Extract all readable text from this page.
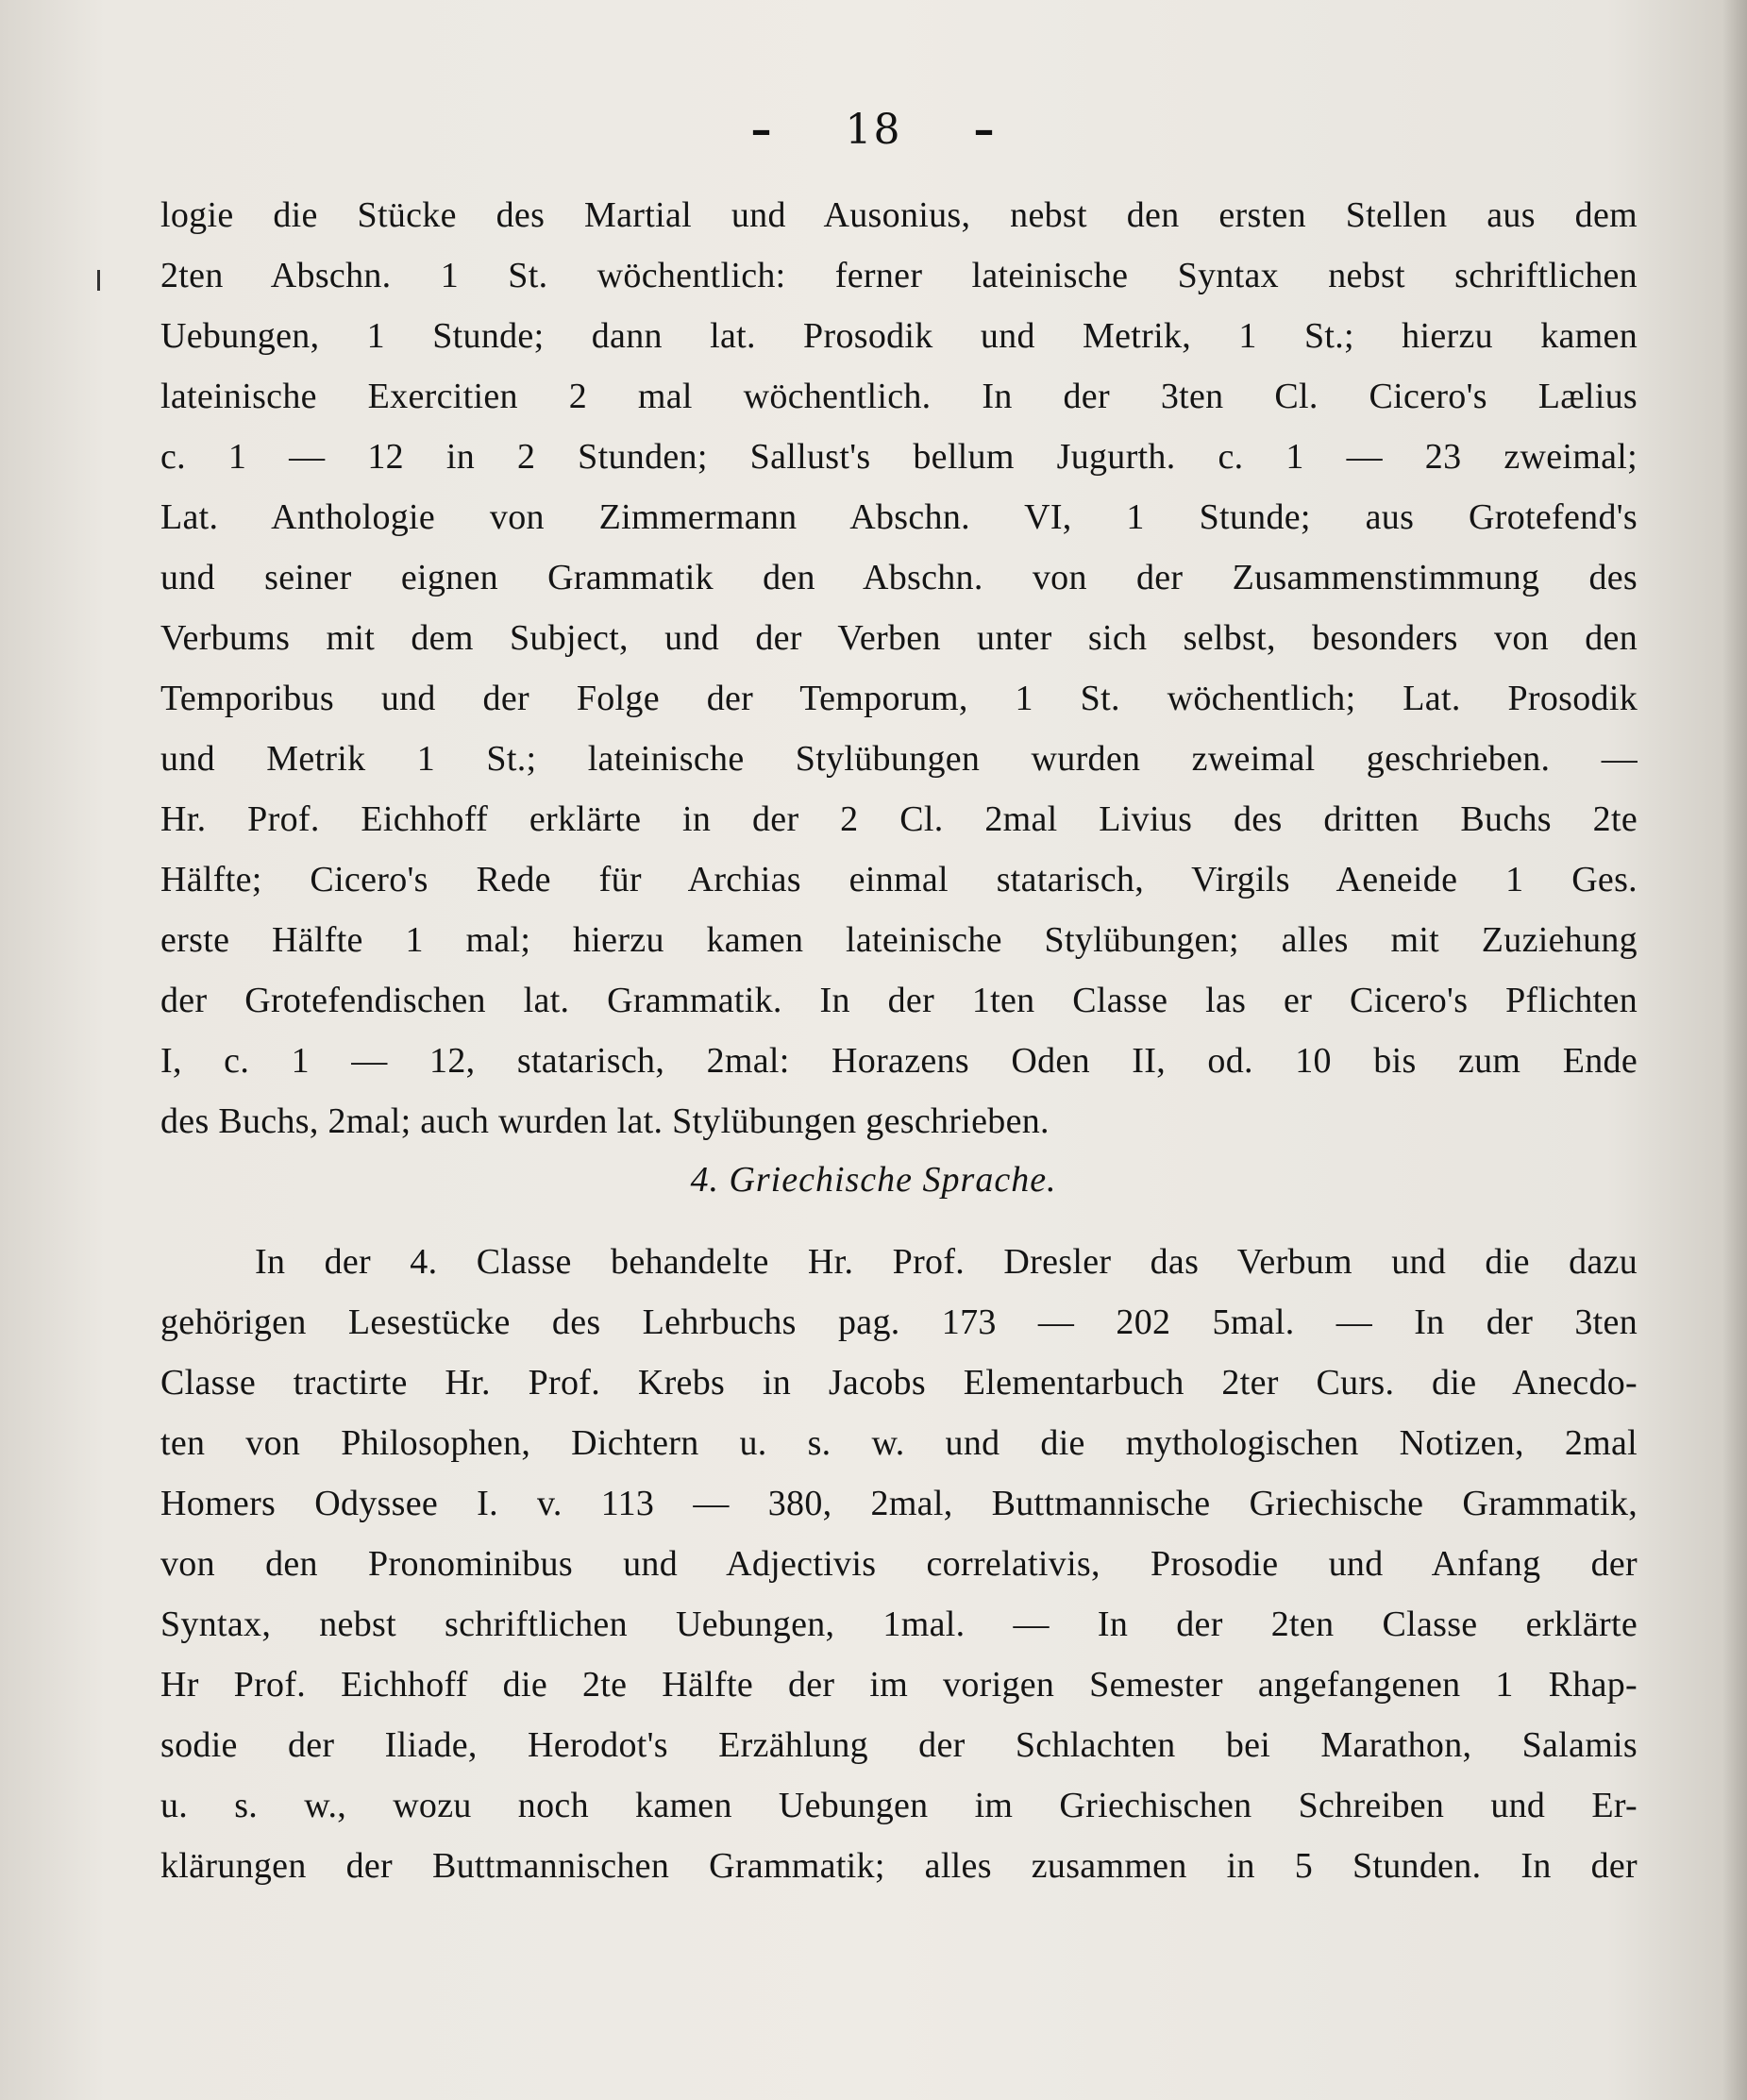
– 18 –
logie die Stücke des Martial und Ausonius, nebst den ersten Stellen aus dem
2ten Abschn. 1 St. wöchentlich: ferner lateinische Syntax nebst schriftlichen
Uebungen, 1 Stunde; dann lat. Prosodik und Metrik, 1 St.; hierzu kamen
lateinische Exercitien 2 mal wöchentlich. In der 3ten Cl. Cicero's Lælius
c. 1 — 12 in 2 Stunden; Sallust's bellum Jugurth. c. 1 — 23 zweimal;
Lat. Anthologie von Zimmermann Abschn. VI, 1 Stunde; aus Grotefend's
und seiner eignen Grammatik den Abschn. von der Zusammenstimmung des
Verbums mit dem Subject, und der Verben unter sich selbst, besonders von den
Temporibus und der Folge der Temporum, 1 St. wöchentlich; Lat. Prosodik
und Metrik 1 St.; lateinische Stylübungen wurden zweimal geschrieben. —
Hr. Prof. Eichhoff erklärte in der 2 Cl. 2mal Livius des dritten Buchs 2te
Hälfte; Cicero's Rede für Archias einmal statarisch, Virgils Aeneide 1 Ges.
erste Hälfte 1 mal; hierzu kamen lateinische Stylübungen; alles mit Zuziehung
der Grotefendischen lat. Grammatik. In der 1ten Classe las er Cicero's Pflichten
I, c. 1 — 12, statarisch, 2mal: Horazens Oden II, od. 10 bis zum Ende
des Buchs, 2mal; auch wurden lat. Stylübungen geschrieben.
4. Griechische Sprache.
In der 4. Classe behandelte Hr. Prof. Dresler das Verbum und die dazu
gehörigen Lesestücke des Lehrbuchs pag. 173 — 202 5mal. — In der 3ten
Classe tractirte Hr. Prof. Krebs in Jacobs Elementarbuch 2ter Curs. die Anecdo-
ten von Philosophen, Dichtern u. s. w. und die mythologischen Notizen, 2mal
Homers Odyssee I. v. 113 — 380, 2mal, Buttmannische Griechische Grammatik,
von den Pronominibus und Adjectivis correlativis, Prosodie und Anfang der
Syntax, nebst schriftlichen Uebungen, 1mal. — In der 2ten Classe erklärte
Hr Prof. Eichhoff die 2te Hälfte der im vorigen Semester angefangenen 1 Rhap-
sodie der Iliade, Herodot's Erzählung der Schlachten bei Marathon, Salamis
u. s. w., wozu noch kamen Uebungen im Griechischen Schreiben und Er-
klärungen der Buttmannischen Grammatik; alles zusammen in 5 Stunden. In der
